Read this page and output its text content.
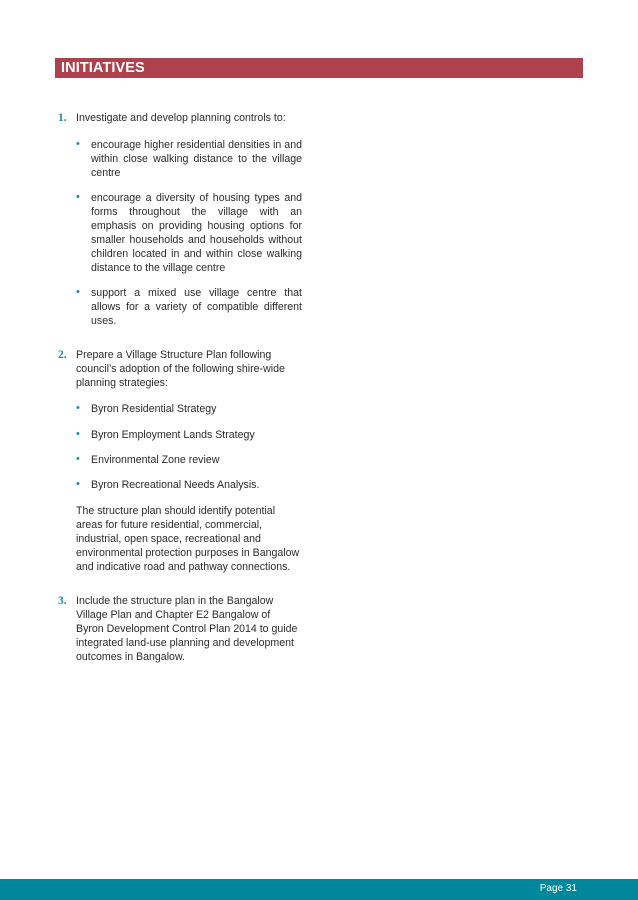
INITIATIVES
1. Investigate and develop planning controls to:

• encourage higher residential densities in and within close walking distance to the village centre
• encourage a diversity of housing types and forms throughout the village with an emphasis on providing housing options for smaller households and households without children located in and within close walking distance to the village centre
• support a mixed use village centre that allows for a variety of compatible different uses.
2. Prepare a Village Structure Plan following council’s adoption of the following shire-wide planning strategies:

• Byron Residential Strategy
• Byron Employment Lands Strategy
• Environmental Zone review
• Byron Recreational Needs Analysis.

The structure plan should identify potential areas for future residential, commercial, industrial, open space, recreational and environmental protection purposes in Bangalow and indicative road and pathway connections.

3. Include the structure plan in the Bangalow Village Plan and Chapter E2 Bangalow of Byron Development Control Plan 2014 to guide integrated land-use planning and development outcomes in Bangalow.

Page 31
